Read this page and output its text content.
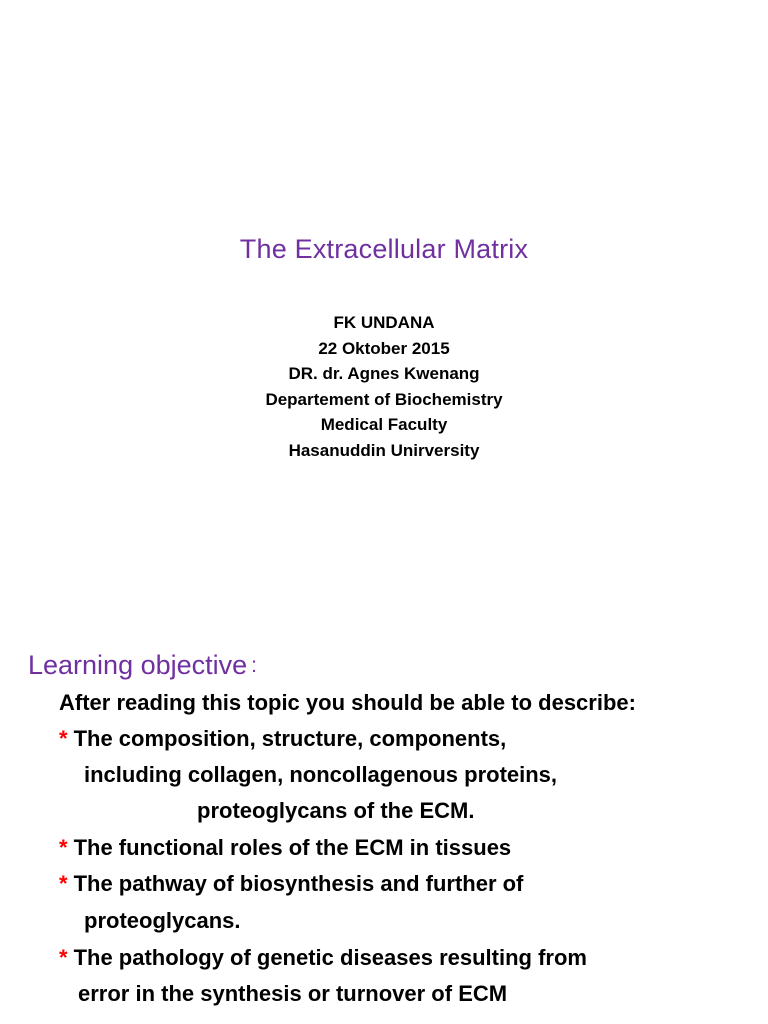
The Extracellular Matrix
FK UNDANA
22 Oktober 2015
DR. dr. Agnes Kwenang
Departement of Biochemistry
Medical Faculty
Hasanuddin Unirversity
Learning objective :
After reading this topic you should be able to describe:
* The composition, structure, components,
including collagen, noncollagenous proteins,
proteoglycans of the ECM.
* The functional roles of the ECM in tissues
* The pathway of biosynthesis and further of
proteoglycans.
* The pathology of genetic diseases resulting from
error in the synthesis or turnover of ECM
